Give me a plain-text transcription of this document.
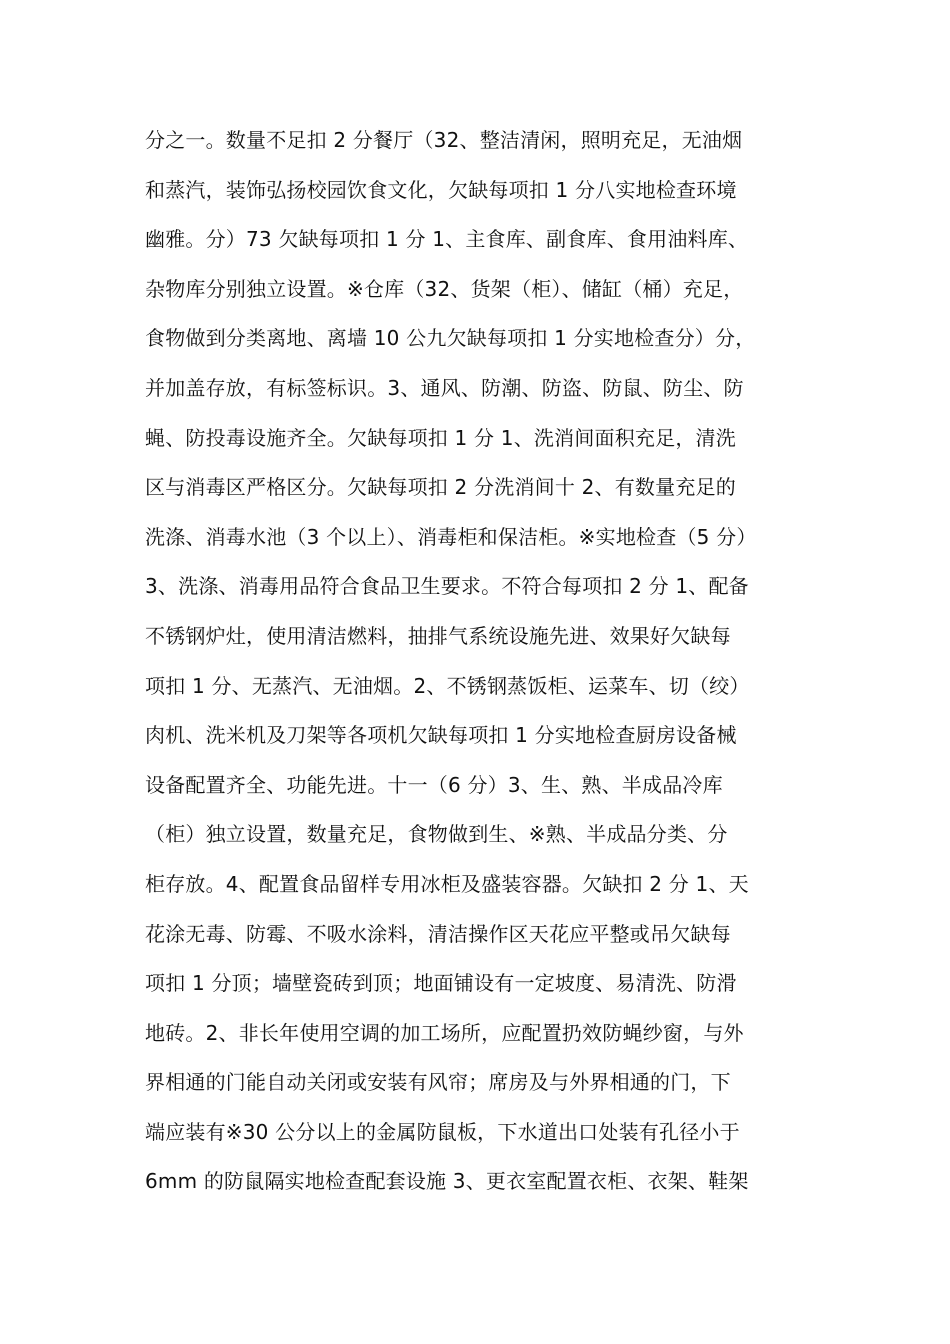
分之一。数量不足扣 2 分餐厅（32、整洁清闲，照明充足，无油烟
和蒸汽，装饰弘扬校园饮食文化，欠缺每项扣 1 分八实地检查环境
幽雅。分）73 欠缺每项扣 1 分 1、主食库、副食库、食用油料库、
杂物库分别独立设置。※仓库（32、货架（柜）、储缸（桶）充足，
食物做到分类离地、离墙 10 公九欠缺每项扣 1 分实地检查分）分，
并加盖存放，有标签标识。3、通风、防潮、防盗、防鼠、防尘、防
蝇、防投毒设施齐全。欠缺每项扣 1 分 1、洗消间面积充足，清洗
区与消毒区严格区分。欠缺每项扣 2 分洗消间十 2、有数量充足的
洗涤、消毒水池（3 个以上）、消毒柜和保洁柜。※实地检查（5 分）
3、洗涤、消毒用品符合食品卫生要求。不符合每项扣 2 分 1、配备
不锈钢炉灶，使用清洁燃料，抽排气系统设施先进、效果好欠缺每
项扣 1 分、无蒸汽、无油烟。2、不锈钢蒸饭柜、运菜车、切（绞）
肉机、洗米机及刀架等各项机欠缺每项扣 1 分实地检查厨房设备械
设备配置齐全、功能先进。十一（6 分）3、生、熟、半成品冷库
（柜）独立设置，数量充足，食物做到生、※熟、半成品分类、分
柜存放。4、配置食品留样专用冰柜及盛装容器。欠缺扣 2 分 1、天
花涂无毒、防霉、不吸水涂料，清洁操作区天花应平整或吊欠缺每
项扣 1 分顶；墙壁瓷砖到顶；地面铺设有一定坡度、易清洗、防滑
地砖。2、非长年使用空调的加工场所，应配置扔效防蝇纱窗，与外
界相通的门能自动关闭或安装有风帘；席房及与外界相通的门，下
端应装有※30 公分以上的金属防鼠板，下水道出口处装有孔径小于
6mm 的防鼠隔实地检查配套设施 3、更衣室配置衣柜、衣架、鞋架
